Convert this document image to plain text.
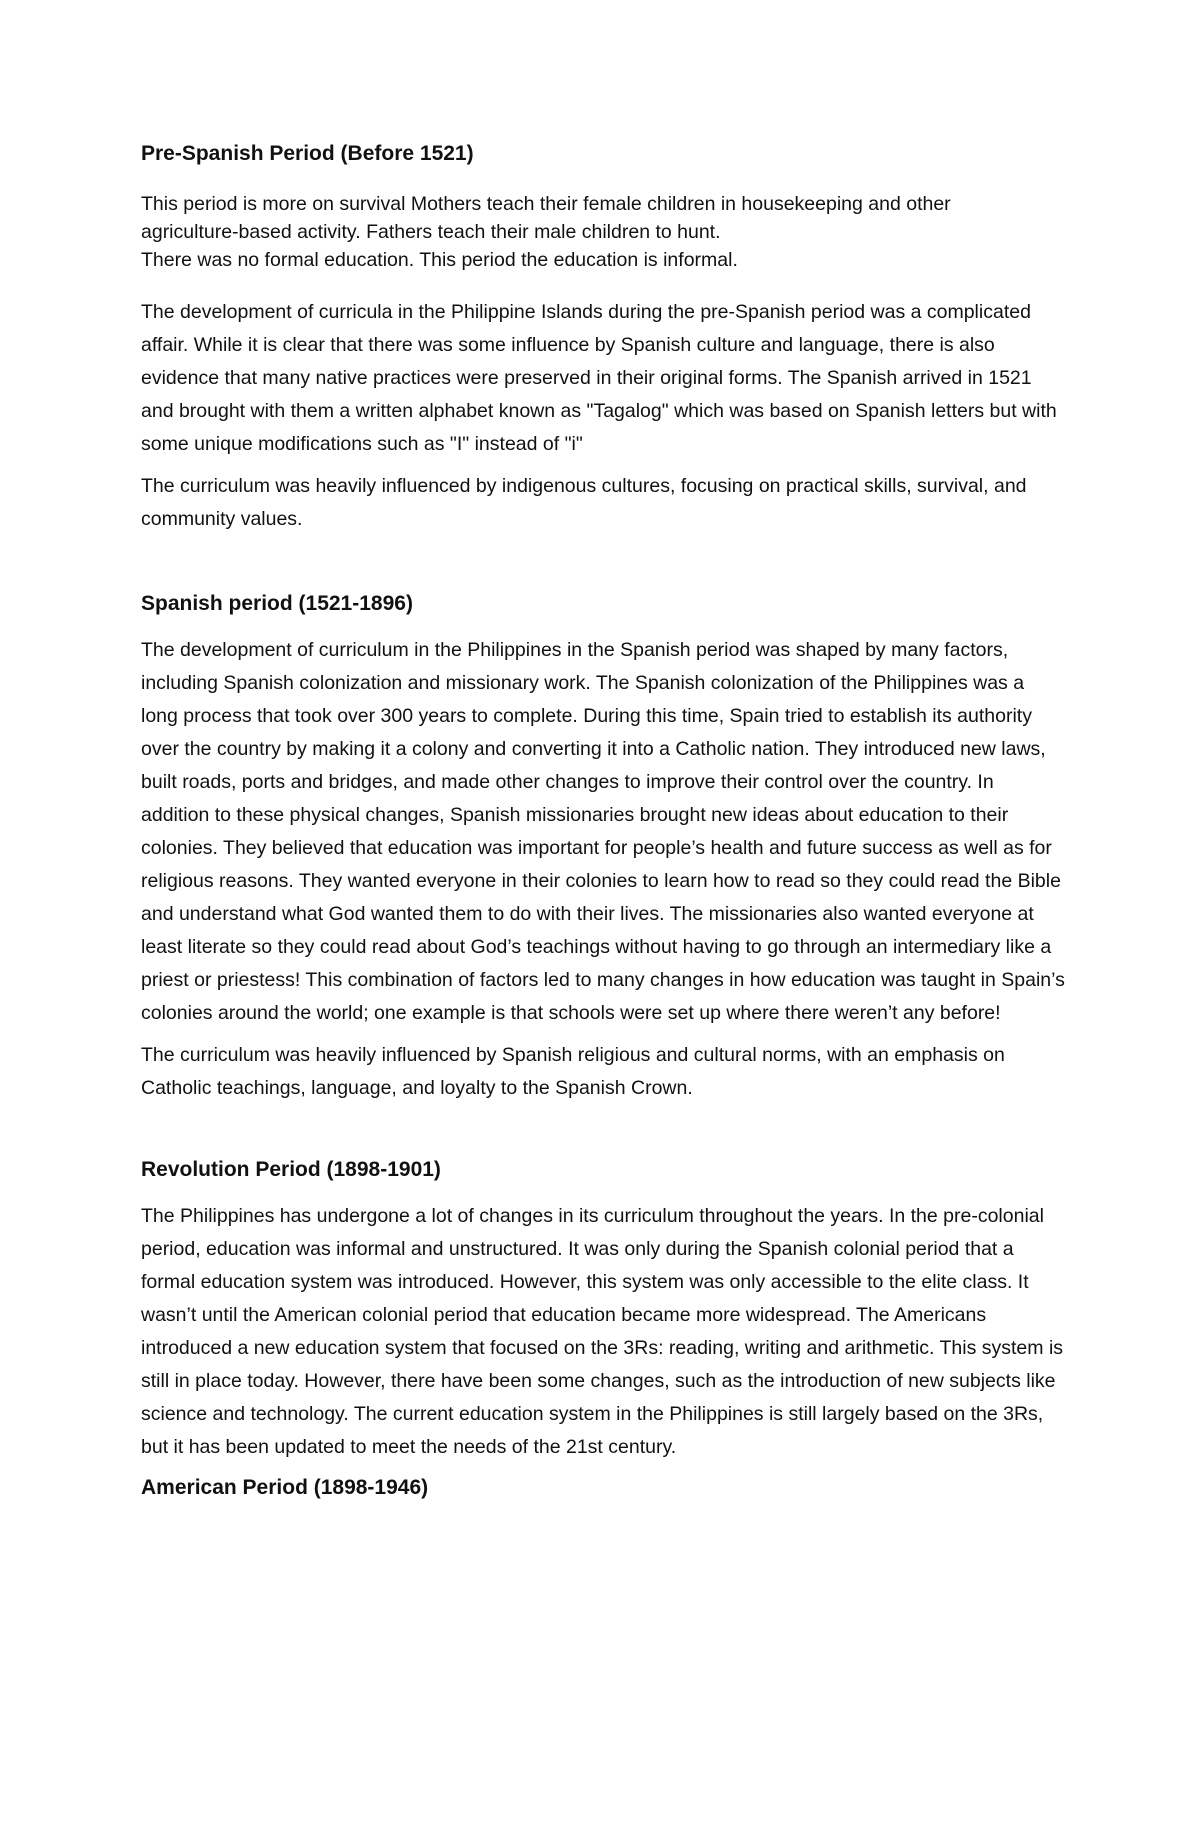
Pre-Spanish Period (Before 1521)
This period is more on survival Mothers teach their female children in housekeeping and other
agriculture-based activity. Fathers teach their male children to hunt.
There was no formal education. This period the education is informal.

The development of curricula in the Philippine Islands during the pre-Spanish period was a complicated affair. While it is clear that there was some influence by Spanish culture and language, there is also evidence that many native practices were preserved in their original forms. The Spanish arrived in 1521 and brought with them a written alphabet known as "Tagalog" which was based on Spanish letters but with some unique modifications such as "I" instead of "i"

The curriculum was heavily influenced by indigenous cultures, focusing on practical skills, survival, and community values.

Spanish period (1521-1896)

The development of curriculum in the Philippines in the Spanish period was shaped by many factors, including Spanish colonization and missionary work. The Spanish colonization of the Philippines was a long process that took over 300 years to complete. During this time, Spain tried to establish its authority over the country by making it a colony and converting it into a Catholic nation. They introduced new laws, built roads, ports and bridges, and made other changes to improve their control over the country. In addition to these physical changes, Spanish missionaries brought new ideas about education to their colonies. They believed that education was important for people’s health and future success as well as for religious reasons. They wanted everyone in their colonies to learn how to read so they could read the Bible and understand what God wanted them to do with their lives. The missionaries also wanted everyone at least literate so they could read about God’s teachings without having to go through an intermediary like a priest or priestess! This combination of factors led to many changes in how education was taught in Spain’s colonies around the world; one example is that schools were set up where there weren’t any before!

The curriculum was heavily influenced by Spanish religious and cultural norms, with an emphasis on Catholic teachings, language, and loyalty to the Spanish Crown.

Revolution Period (1898-1901)

The Philippines has undergone a lot of changes in its curriculum throughout the years. In the pre-colonial period, education was informal and unstructured. It was only during the Spanish colonial period that a formal education system was introduced. However, this system was only accessible to the elite class. It wasn’t until the American colonial period that education became more widespread. The Americans introduced a new education system that focused on the 3Rs: reading, writing and arithmetic. This system is still in place today. However, there have been some changes, such as the introduction of new subjects like science and technology. The current education system in the Philippines is still largely based on the 3Rs, but it has been updated to meet the needs of the 21st century.

American Period (1898-1946)
